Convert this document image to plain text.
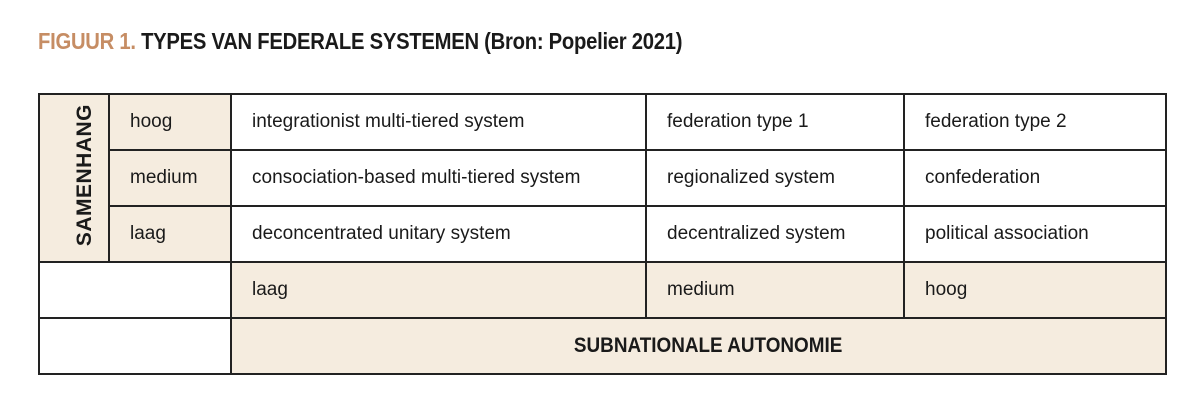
FIGUUR 1. TYPES VAN FEDERALE SYSTEMEN (Bron: Popelier 2021)
SAMENHANG	hoog	integrationist multi-tiered system	federation type 1	federation type 2
	medium	consociation-based multi-tiered system	regionalized system	confederation
	laag	deconcentrated unitary system	decentralized system	political association
		laag	medium	hoog
		SUBNATIONALE AUTONOMIE		
